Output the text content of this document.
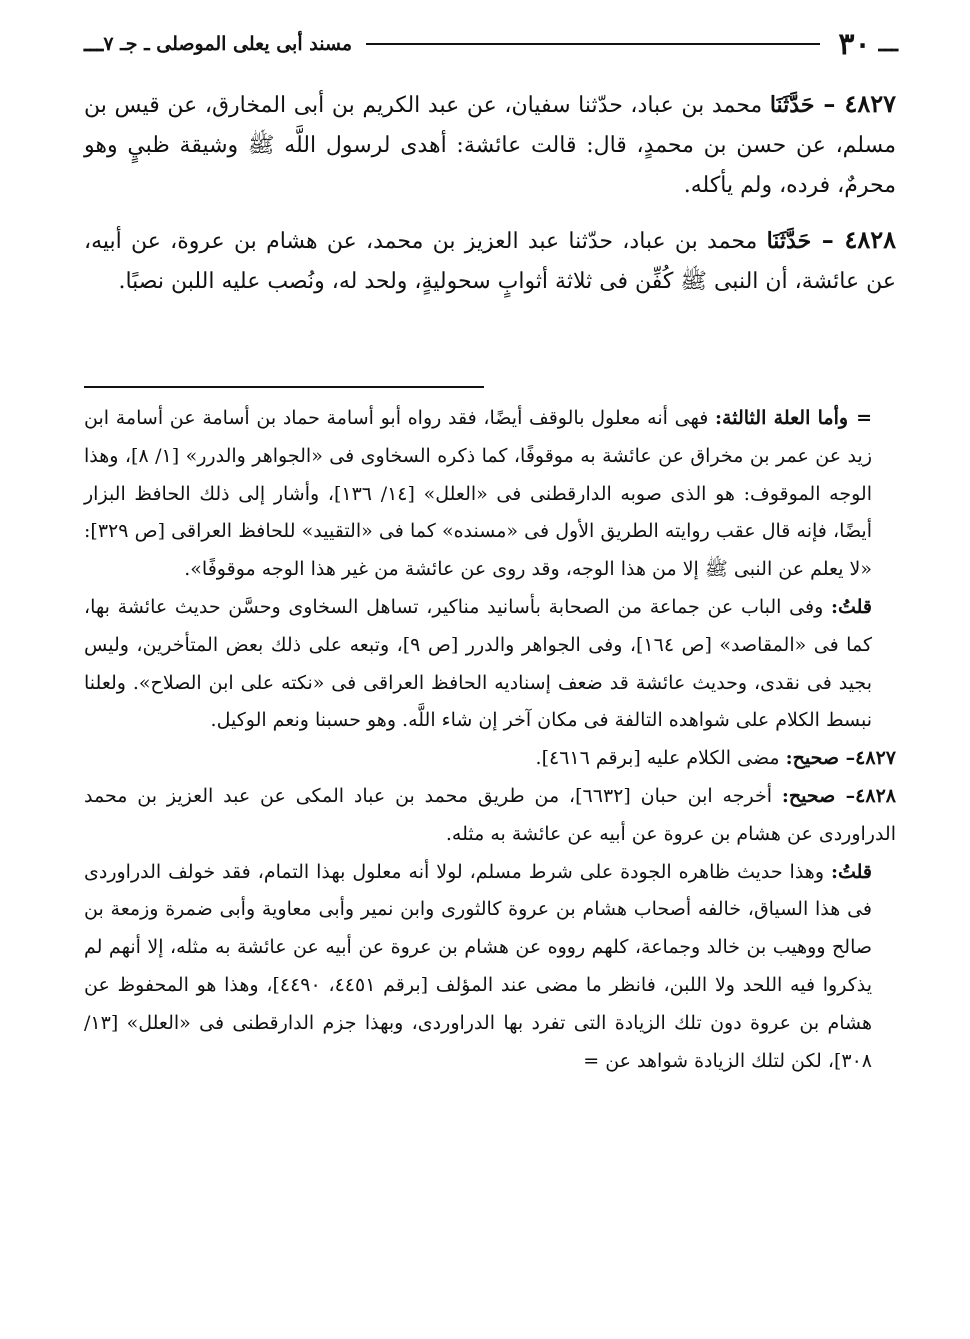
ـــ
٣٠
مسند أبى يعلى الموصلى ـ جـ ٧
ـــ

٤٨٢٧ – حَدَّثَنَا محمد بن عباد، حدّثنا سفيان، عن عبد الكريم بن أبى المخارق، عن قيس بن مسلم، عن حسن بن محمدٍ، قال: قالت عائشة: أهدى لرسول اللَّه ﷺ وشيقة ظبيٍ وهو محرمٌ، فرده، ولم يأكله.

٤٨٢٨ – حَدَّثَنَا محمد بن عباد، حدّثنا عبد العزيز بن محمد، عن هشام بن عروة، عن أبيه، عن عائشة، أن النبى ﷺ كُفِّن فى ثلاثة أثوابٍ سحوليةٍ، ولحد له، ونُصب عليه اللبن نصبًا.

=وأما العلة الثالثة: فهى أنه معلول بالوقف أيضًا، فقد رواه أبو أسامة حماد بن أسامة عن أسامة ابن زيد عن عمر بن مخراق عن عائشة به موقوفًا، كما ذكره السخاوى فى «الجواهر والدرر» [١/ ٨]، وهذا الوجه الموقوف: هو الذى صوبه الدارقطنى فى «العلل» [١٤/ ١٣٦]، وأشار إلى ذلك الحافظ البزار أيضًا، فإنه قال عقب روايته الطريق الأول فى «مسنده» كما فى «التقييد» للحافظ العراقى [ص ٣٢٩]: «لا يعلم عن النبى ﷺ إلا من هذا الوجه، وقد روى عن عائشة من غير هذا الوجه موقوفًا».

قلتُ: وفى الباب عن جماعة من الصحابة بأسانيد مناكير، تساهل السخاوى وحسَّن حديث عائشة بها، كما فى «المقاصد» [ص ١٦٤]، وفى الجواهر والدرر [ص ٩]، وتبعه على ذلك بعض المتأخرين، وليس بجيد فى نقدى، وحديث عائشة قد ضعف إسناديه الحافظ العراقى فى «نكته على ابن الصلاح». ولعلنا نبسط الكلام على شواهده التالفة فى مكان آخر إن شاء اللَّه. وهو حسبنا ونعم الوكيل.

٤٨٢٧– صحيح: مضى الكلام عليه [برقم ٤٦١٦].

٤٨٢٨– صحيح: أخرجه ابن حبان [٦٦٣٢]، من طريق محمد بن عباد المكى عن عبد العزيز بن محمد الدراوردى عن هشام بن عروة عن أبيه عن عائشة به مثله.

قلتُ: وهذا حديث ظاهره الجودة على شرط مسلم، لولا أنه معلول بهذا التمام، فقد خولف الدراوردى فى هذا السياق، خالفه أصحاب هشام بن عروة كالثورى وابن نمير وأبى معاوية وأبى ضمرة وزمعة بن صالح ووهيب بن خالد وجماعة، كلهم رووه عن هشام بن عروة عن أبيه عن عائشة به مثله، إلا أنهم لم يذكروا فيه اللحد ولا اللبن، فانظر ما مضى عند المؤلف [برقم ٤٤٥١، ٤٤٩٠]، وهذا هو المحفوظ عن هشام بن عروة دون تلك الزيادة التى تفرد بها الدراوردى، وبهذا جزم الدارقطنى فى «العلل» [١٣/ ٣٠٨]، لكن لتلك الزيادة شواهد عن =
